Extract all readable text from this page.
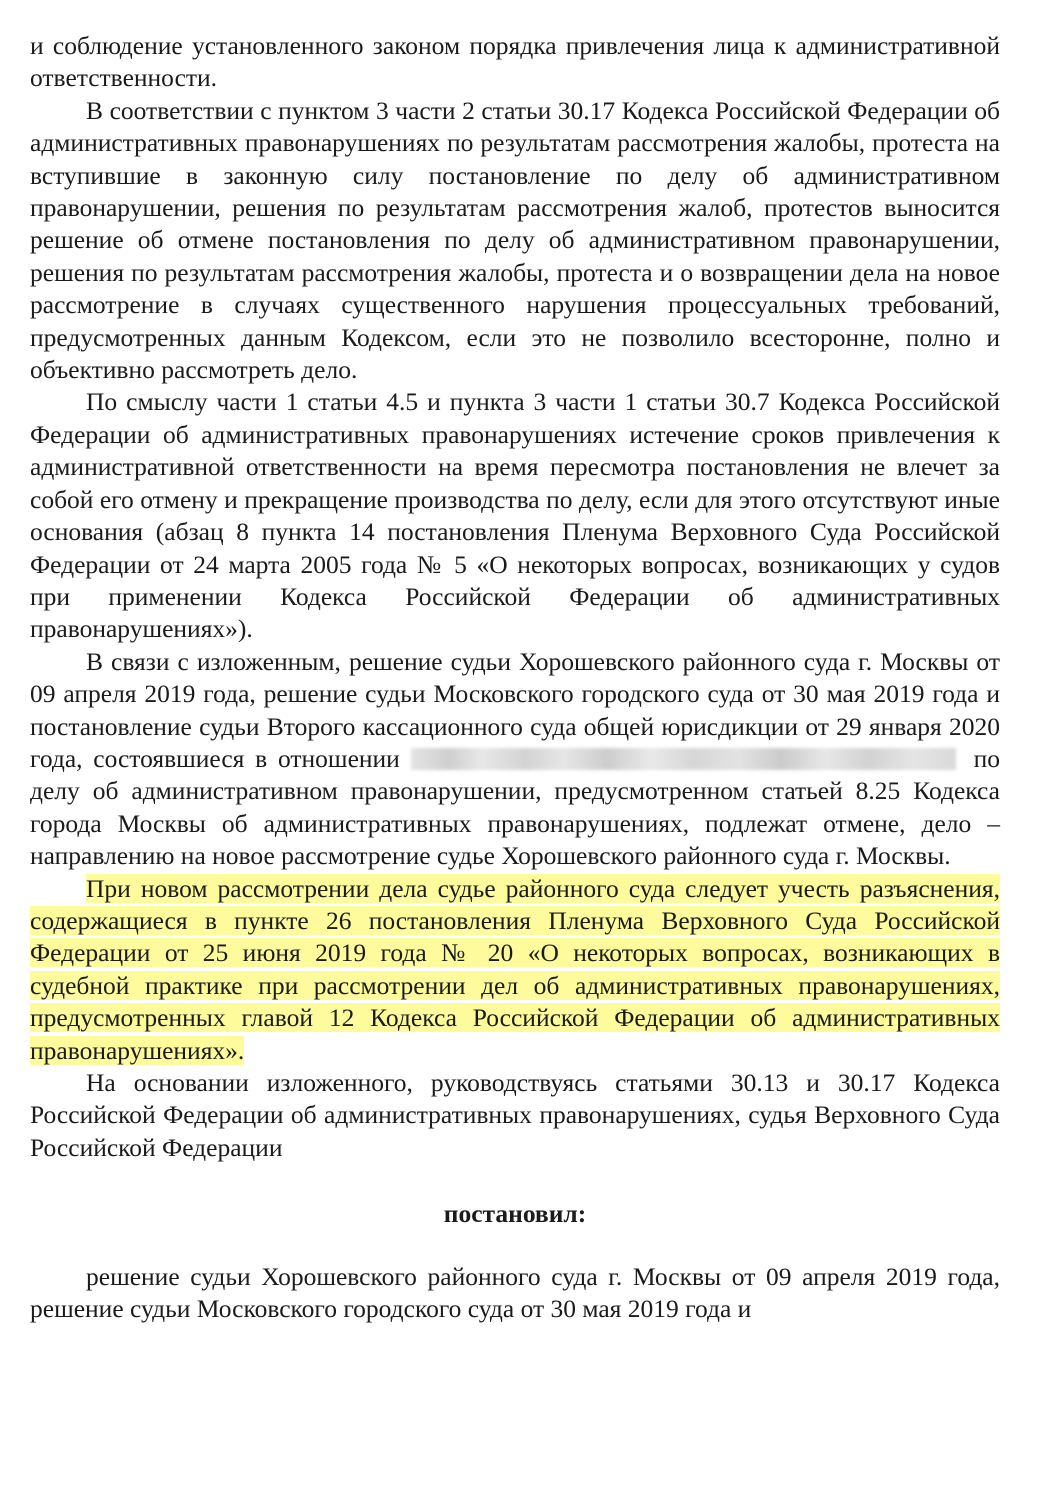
и соблюдение установленного законом порядка привлечения лица к административной ответственности.

В соответствии с пунктом 3 части 2 статьи 30.17 Кодекса Российской Федерации об административных правонарушениях по результатам рассмотрения жалобы, протеста на вступившие в законную силу постановление по делу об административном правонарушении, решения по результатам рассмотрения жалоб, протестов выносится решение об отмене постановления по делу об административном правонарушении, решения по результатам рассмотрения жалобы, протеста и о возвращении дела на новое рассмотрение в случаях существенного нарушения процессуальных требований, предусмотренных данным Кодексом, если это не позволило всесторонне, полно и объективно рассмотреть дело.

По смыслу части 1 статьи 4.5 и пункта 3 части 1 статьи 30.7 Кодекса Российской Федерации об административных правонарушениях истечение сроков привлечения к административной ответственности на время пересмотра постановления не влечет за собой его отмену и прекращение производства по делу, если для этого отсутствуют иные основания (абзац 8 пункта 14 постановления Пленума Верховного Суда Российской Федерации от 24 марта 2005 года № 5 «О некоторых вопросах, возникающих у судов при применении Кодекса Российской Федерации об административных правонарушениях»).

В связи с изложенным, решение судьи Хорошевского районного суда г. Москвы от 09 апреля 2019 года, решение судьи Московского городского суда от 30 мая 2019 года и постановление судьи Второго кассационного суда общей юрисдикции от 29 января 2020 года, состоявшиеся в отношении	по делу об административном правонарушении, предусмотренном статьей 8.25 Кодекса города Москвы об административных правонарушениях, подлежат отмене, дело – направлению на новое рассмотрение судье Хорошевского районного суда г. Москвы.

При новом рассмотрении дела судье районного суда следует учесть разъяснения, содержащиеся в пункте 26 постановления Пленума Верховного Суда Российской Федерации от 25 июня 2019 года № 20 «О некоторых вопросах, возникающих в судебной практике при рассмотрении дел об административных правонарушениях, предусмотренных главой 12 Кодекса Российской Федерации об административных правонарушениях».

На основании изложенного, руководствуясь статьями 30.13 и 30.17 Кодекса Российской Федерации об административных правонарушениях, судья Верховного Суда Российской Федерации

постановил:

решение судьи Хорошевского районного суда г. Москвы от 09 апреля 2019 года, решение судьи Московского городского суда от 30 мая 2019 года и
